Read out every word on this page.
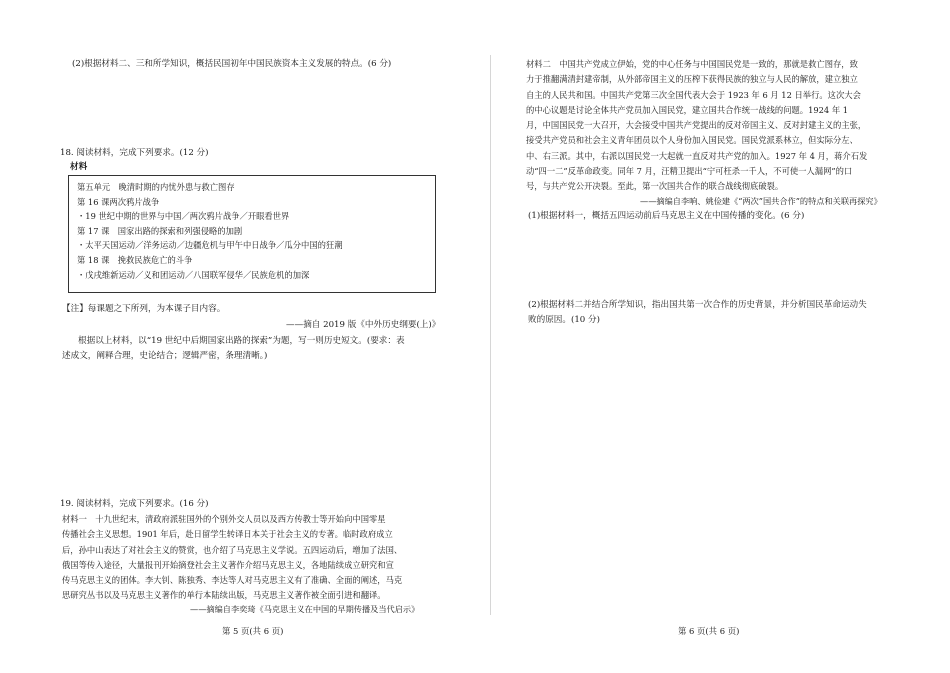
(2)根据材料二、三和所学知识，概括民国初年中国民族资本主义发展的特点。(6 分)
18. 阅读材料，完成下列要求。(12 分)
材料
第五单元　晚清时期的内忧外患与救亡图存
第 16 课两次鸦片战争
・19 世纪中期的世界与中国／两次鸦片战争／开眼看世界
第 17 课　国家出路的探索和列强侵略的加剧
・太平天国运动／洋务运动／边疆危机与甲午中日战争／瓜分中国的狂潮
第 18 课　挽救民族危亡的斗争
・戊戌维新运动／义和团运动／八国联军侵华／民族危机的加深
【注】每课题之下所列，为本课子目内容。
——摘自 2019 版《中外历史纲要(上)》
根据以上材料，以“19 世纪中后期国家出路的探索”为题，写一则历史短文。(要求：表
述成文，阐释合理，史论结合；逻辑严密，条理清晰。)
19. 阅读材料，完成下列要求。(16 分)
材料一　十九世纪末，清政府派驻国外的个别外交人员以及西方传教士等开始向中国零星
传播社会主义思想。1901 年后，赴日留学生转译日本关于社会主义的专著。临时政府成立
后，孙中山表达了对社会主义的赞赏，也介绍了马克思主义学说。五四运动后，增加了法国、
俄国等传入途径，大量报刊开始摘登社会主义著作介绍马克思主义，各地陆续成立研究和宣
传马克思主义的团体。李大钊、陈独秀、李达等人对马克思主义有了准确、全面的阐述，马克
思研究丛书以及马克思主义著作的单行本陆续出版，马克思主义著作被全面引进和翻译。
——摘编自李奕琦《马克思主义在中国的早期传播及当代启示》
第 5 页(共 6 页)
材料二　中国共产党成立伊始，党的中心任务与中国国民党是一致的，那就是救亡图存，致
力于推翻满清封建帝制，从外部帝国主义的压榨下获得民族的独立与人民的解放，建立独立
自主的人民共和国。中国共产党第三次全国代表大会于 1923 年 6 月 12 日举行。这次大会
的中心议题是讨论全体共产党员加入国民党，建立国共合作统一战线的问题。1924 年 1
月，中国国民党一大召开，大会接受中国共产党提出的反对帝国主义、反对封建主义的主张，
接受共产党员和社会主义青年团员以个人身份加入国民党。国民党派系林立，但实际分左、
中、右三派。其中，右派以国民党一大起就一直反对共产党的加入。1927 年 4 月，蒋介石发
动“四一二”反革命政变。同年 7 月，汪精卫提出“宁可枉杀一千人，不可使一人漏网”的口
号，与共产党公开决裂。至此，第一次国共合作的联合战线彻底破裂。
——摘编自李响、姚俭建《“两次”国共合作”的特点和关联再探究》
(1)根据材料一，概括五四运动前后马克思主义在中国传播的变化。(6 分)
(2)根据材料二并结合所学知识，指出国共第一次合作的历史背景，并分析国民革命运动失
败的原因。(10 分)
第 6 页(共 6 页)
